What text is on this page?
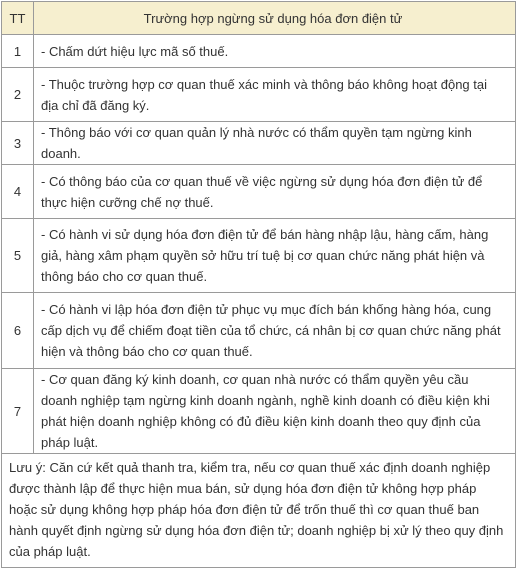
TT	Trường hợp ngừng sử dụng hóa đơn điện tử
1	- Chấm dứt hiệu lực mã số thuế.
2	- Thuộc trường hợp cơ quan thuế xác minh và thông báo không hoạt động tại địa chỉ đã đăng ký.
3	- Thông báo với cơ quan quản lý nhà nước có thẩm quyền tạm ngừng kinh doanh.
4	- Có thông báo của cơ quan thuế về việc ngừng sử dụng hóa đơn điện tử để thực hiện cưỡng chế nợ thuế.
5	- Có hành vi sử dụng hóa đơn điện tử để bán hàng nhập lậu, hàng cấm, hàng giả, hàng xâm phạm quyền sở hữu trí tuệ bị cơ quan chức năng phát hiện và thông báo cho cơ quan thuế.
6	- Có hành vi lập hóa đơn điện tử phục vụ mục đích bán khống hàng hóa, cung cấp dịch vụ để chiếm đoạt tiền của tổ chức, cá nhân bị cơ quan chức năng phát hiện và thông báo cho cơ quan thuế.
7	- Cơ quan đăng ký kinh doanh, cơ quan nhà nước có thẩm quyền yêu cầu doanh nghiệp tạm ngừng kinh doanh ngành, nghề kinh doanh có điều kiện khi phát hiện doanh nghiệp không có đủ điều kiện kinh doanh theo quy định của pháp luật.
Lưu ý: Căn cứ kết quả thanh tra, kiểm tra, nếu cơ quan thuế xác định doanh nghiệp được thành lập để thực hiện mua bán, sử dụng hóa đơn điện tử không hợp pháp hoặc sử dụng không hợp pháp hóa đơn điện tử để trốn thuế thì cơ quan thuế ban hành quyết định ngừng sử dụng hóa đơn điện tử; doanh nghiệp bị xử lý theo quy định của pháp luật.	
